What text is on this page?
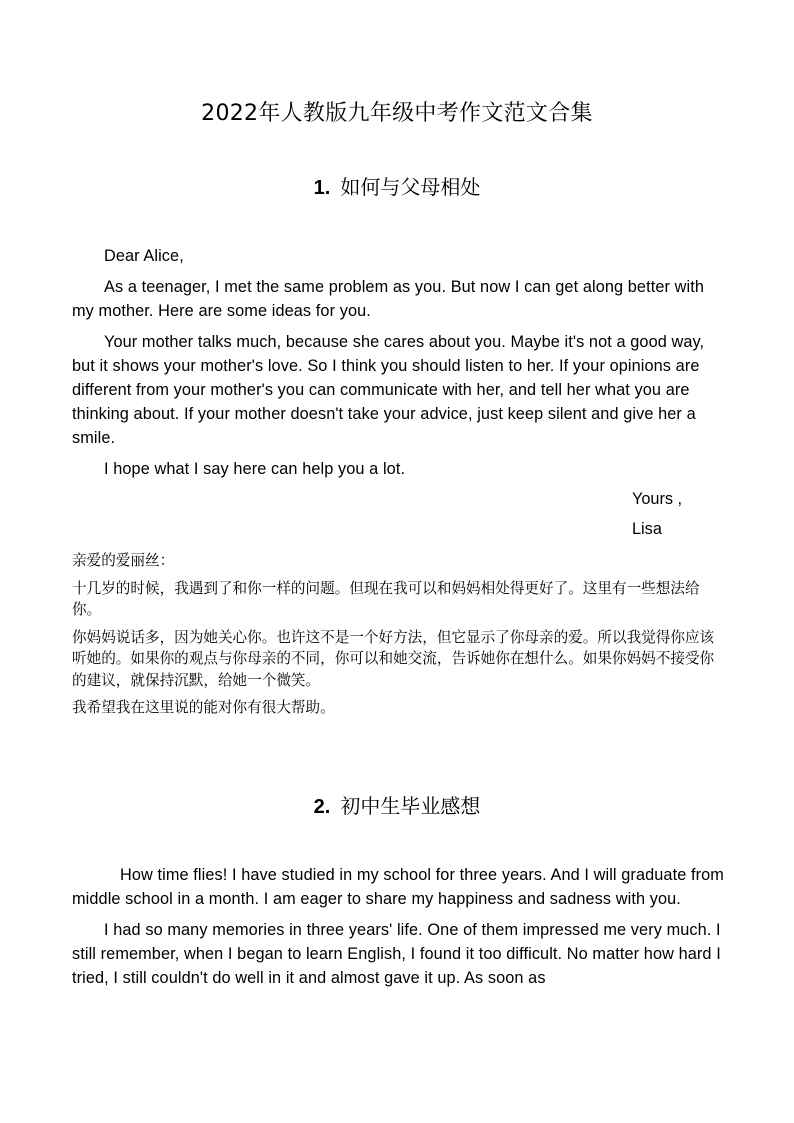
2022年人教版九年级中考作文范文合集
1. 如何与父母相处

Dear Alice,

As a teenager, I met the same problem as you. But now I can get along better with my mother. Here are some ideas for you.

Your mother talks much, because she cares about you. Maybe it's not a good way, but it shows your mother's love. So I think you should listen to her. If your opinions are different from your mother's you can communicate with her, and tell her what you are thinking about. If your mother doesn't take your advice, just keep silent and give her a smile.

I hope what I say here can help you a lot.

Yours ,
Lisa

亲爱的爱丽丝：

十几岁的时候，我遇到了和你一样的问题。但现在我可以和妈妈相处得更好了。这里有一些想法给你。

你妈妈说话多，因为她关心你。也许这不是一个好方法，但它显示了你母亲的爱。所以我觉得你应该听她的。如果你的观点与你母亲的不同，你可以和她交流，告诉她你在想什么。如果你妈妈不接受你的建议，就保持沉默，给她一个微笑。

我希望我在这里说的能对你有很大帮助。

2. 初中生毕业感想

How time flies! I have studied in my school for three years. And I will graduate from middle school in a month. I am eager to share my happiness and sadness with you.

I had so many memories in three years' life. One of them impressed me very much. I still remember, when I began to learn English, I found it too difficult. No matter how hard I tried, I still couldn't do well in it and almost gave it up. As soon as
